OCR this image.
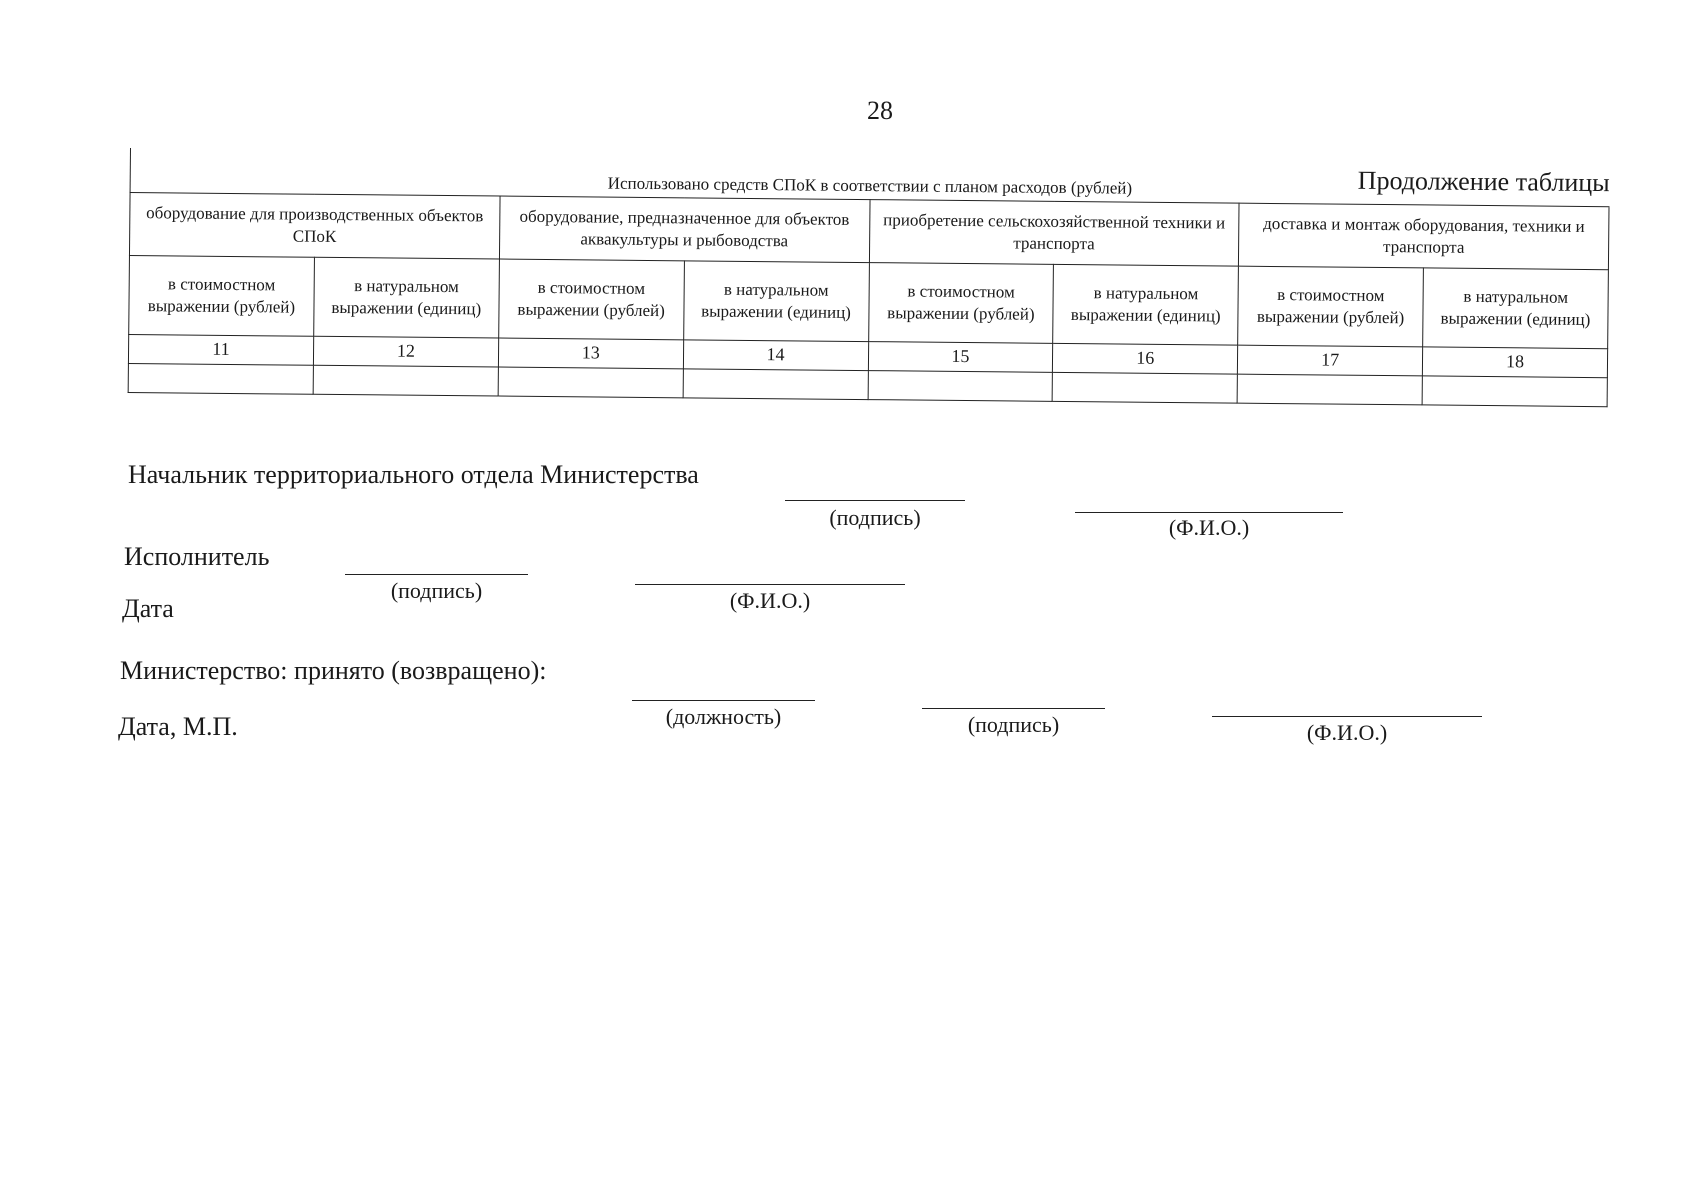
28
Использовано средств СПоК в соответствии с планом расходов (рублей)							
оборудование для производственных объектов СПоК		оборудование, предназначенное для объектов аквакультуры и рыбоводства		приобретение сельскохозяйственной техники и транспорта		доставка и монтаж оборудования, техники и транспорта	
в стоимостном выражении (рублей)	в натуральном выражении (единиц)	в стоимостном выражении (рублей)	в натуральном выражении (единиц)	в стоимостном выражении (рублей)	в натуральном выражении (единиц)	в стоимостном выражении (рублей)	в натуральном выражении (единиц)
11	12	13	14	15	16	17	18

Продолжение таблицы
Начальник территориального отдела Министерства
(подпись)	(Ф.И.О.)
Исполнитель
(подпись)	(Ф.И.О.)
Дата
Министерство: принято (возвращено):
(должность)	(подпись)	(Ф.И.О.)
Дата, М.П.
